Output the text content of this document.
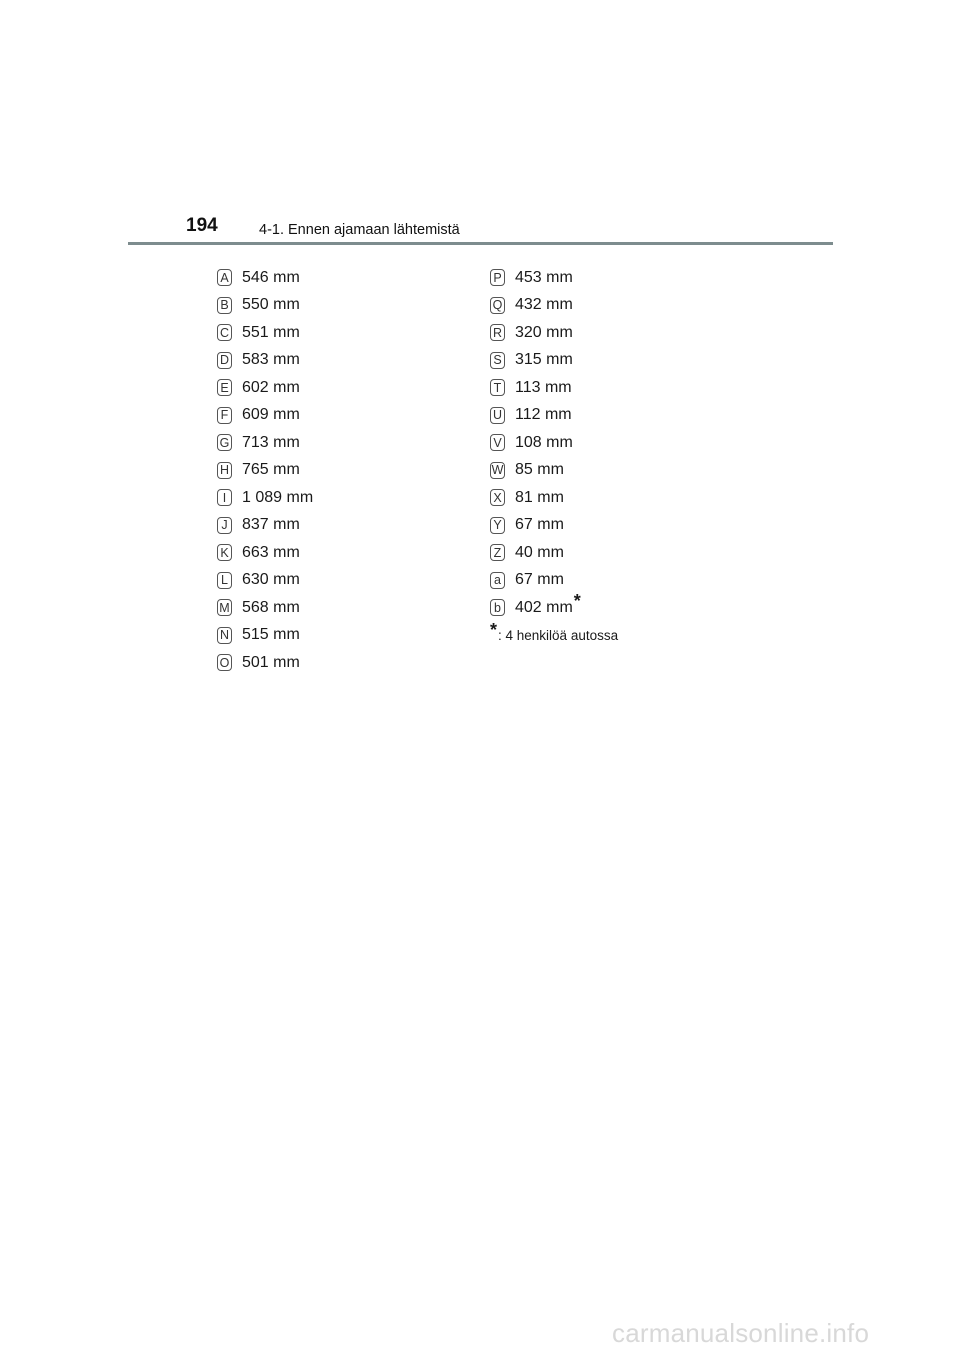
194	4-1. Ennen ajamaan lähtemistä
A 546 mm
B 550 mm
C 551 mm
D 583 mm
E 602 mm
F 609 mm
G 713 mm
H 765 mm
I 1 089 mm
J 837 mm
K 663 mm
L 630 mm
M 568 mm
N 515 mm
O 501 mm
P 453 mm
Q 432 mm
R 320 mm
S 315 mm
T 113 mm
U 112 mm
V 108 mm
W 85 mm
X 81 mm
Y 67 mm
Z 40 mm
a 67 mm
b 402 mm *
* : 4 henkilöä autossa
carmanualsonline.info
